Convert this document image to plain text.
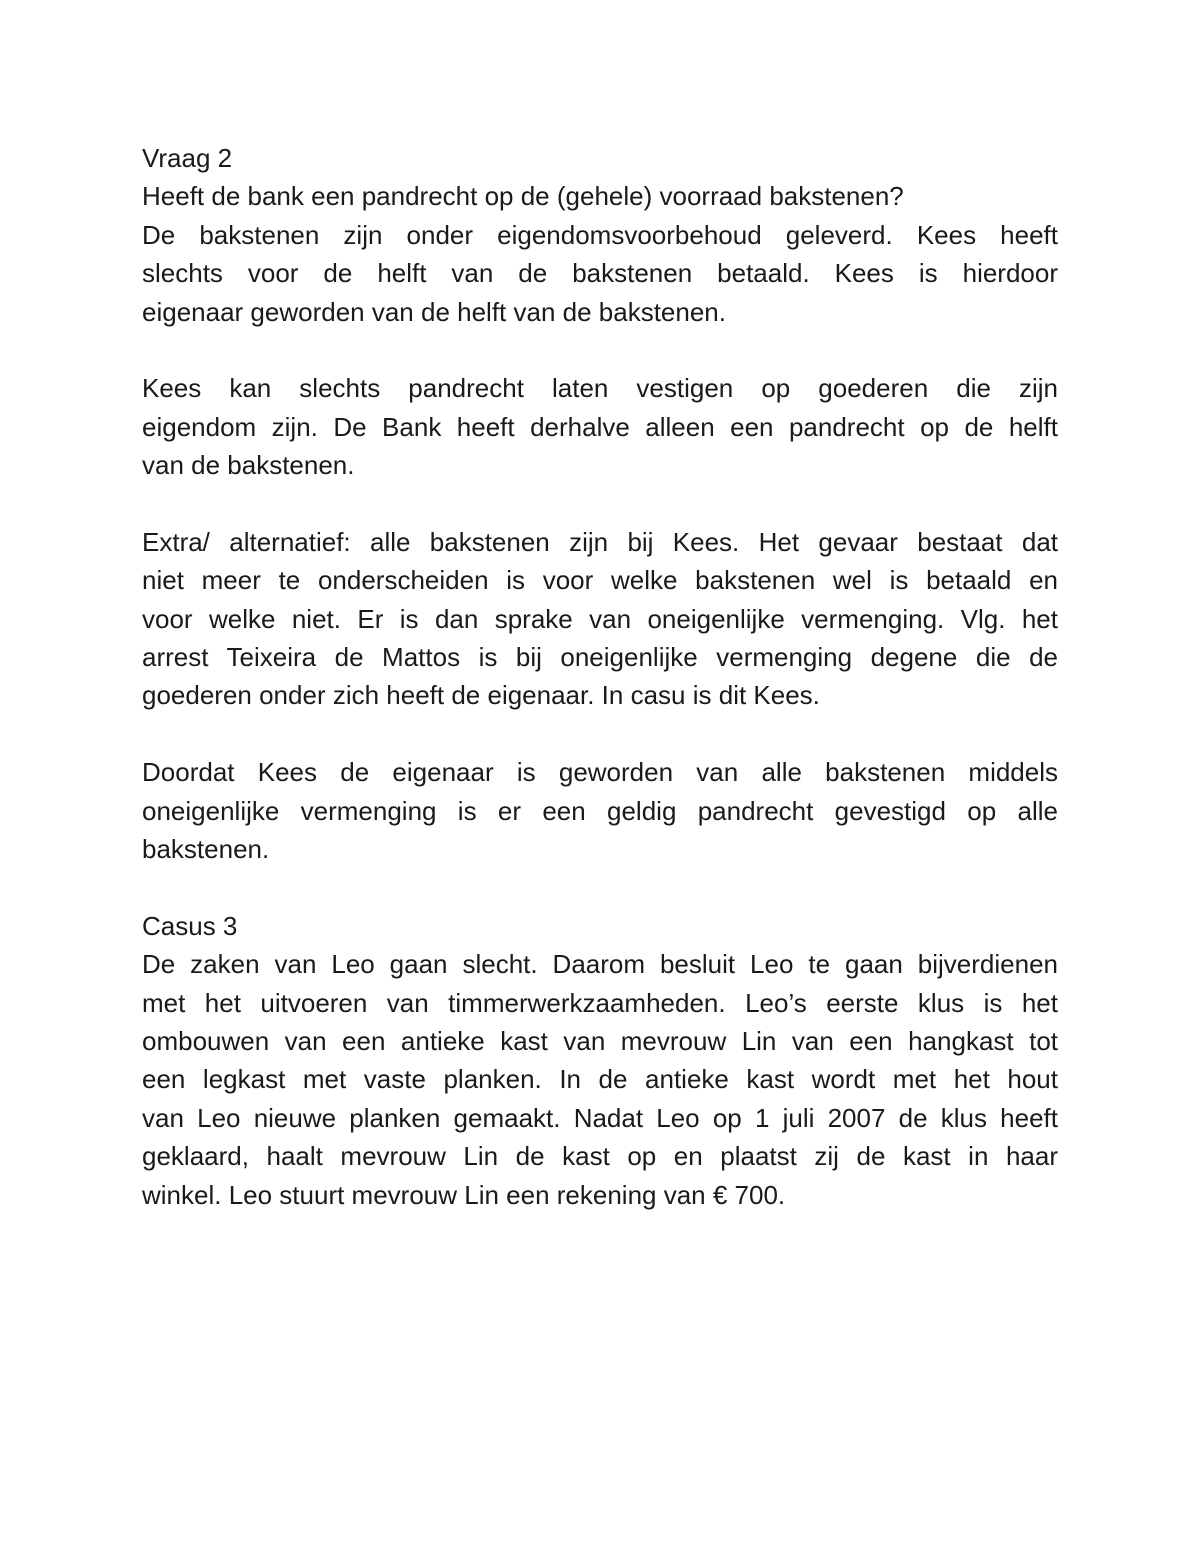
Vraag 2
Heeft de bank een pandrecht op de (gehele) voorraad bakstenen?
De bakstenen zijn onder eigendomsvoorbehoud geleverd. Kees heeft
slechts voor de helft van de bakstenen betaald. Kees is hierdoor
eigenaar geworden van de helft van de bakstenen.
Kees kan slechts pandrecht laten vestigen op goederen die zijn
eigendom zijn. De Bank heeft derhalve alleen een pandrecht op de helft
van de bakstenen.
Extra/ alternatief: alle bakstenen zijn bij Kees. Het gevaar bestaat dat
niet meer te onderscheiden is voor welke bakstenen wel is betaald en
voor welke niet. Er is dan sprake van oneigenlijke vermenging. Vlg. het
arrest Teixeira de Mattos is bij oneigenlijke vermenging degene die de
goederen onder zich heeft de eigenaar. In casu is dit Kees.
Doordat Kees de eigenaar is geworden van alle bakstenen middels
oneigenlijke vermenging is er een geldig pandrecht gevestigd op alle
bakstenen.
Casus 3
De zaken van Leo gaan slecht. Daarom besluit Leo te gaan bijverdienen
met het uitvoeren van timmerwerkzaamheden. Leo’s eerste klus is het
ombouwen van een antieke kast van mevrouw Lin van een hangkast tot
een legkast met vaste planken. In de antieke kast wordt met het hout
van Leo nieuwe planken gemaakt. Nadat Leo op 1 juli 2007 de klus heeft
geklaard, haalt mevrouw Lin de kast op en plaatst zij de kast in haar
winkel. Leo stuurt mevrouw Lin een rekening van € 700.
